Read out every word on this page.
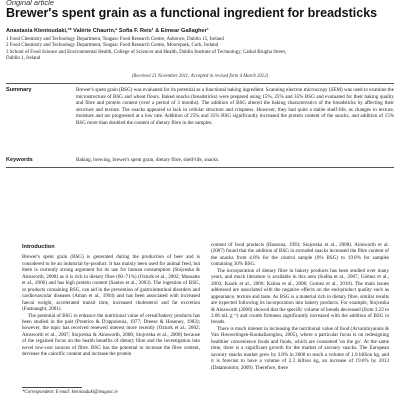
Original article
Brewer's spent grain as a functional ingredient for breadsticks
Anastasia Ktenioudaki,¹* Valérie Chaurin,² Sofia F. Reis¹ & Eimear Gallagher¹
1 Food Chemistry and Technology Department, Teagasc Food Research Centre, Ashtown, Dublin 15, Ireland
2 Food Chemistry and Technology Department, Teagasc Food Research Centre, Moorepark, Cork, Ireland
3 School of Food Science and Environmental Health, College of Sciences and Health, Dublin Institute of Technology, Cathal Brugha Street,
Dublin 1, Ireland
(Received 21 November 2011; Accepted in revised form 4 March 2012)
Summary	Brewer's spent grain (BSG) was evaluated for its potential as a functional baking ingredient. Scanning electron microscopy (SEM) was used to examine the microstructure of BSG and wheat flours. Baked snacks (breadsticks) were prepared using 15%, 25% and 35% BSG and evaluated for their baking quality and fibre and protein content (over a period of 3 months). The addition of BSG altered the baking characteristics of the breadsticks by affecting their structure and texture. The snacks appeared to lack in cellular structure and crispness. However, they had quite a stable shelf-life, as changes in texture, moisture and aw progressed at a low rate. Addition of 25% and 35% BSG significantly increased the protein content of the snacks, and addition of 15% BSG more than doubled the content of dietary fibre in the samples.
Keywords	Baking, brewing, brewer's spent grain, dietary fibre, shelf-life, snacks.
Introduction

Brewer's spent grain (BSG) is generated during the production of beer and is considered to be an industrial by-product. It has mainly been used for animal feed, but there is currently strong argument for its use for human consumption (Stojceska & Ainsworth, 2008) as it is rich in dietary fibre (60–71%) (Ozturk et al., 2002; Mussatto et al., 2006) and has high protein content (Santos et al., 2003). The ingestion of BSG, or products containing BSG, can aid in the prevention of gastrointestinal disorders and cardiovascular diseases (Aman et al., 1994) and has been associated with increased faecal weight, accelerated transit time, increased cholesterol and fat excretion (Fastnaught, 2001).

The potential of BSG to enhance the nutritional value of cereal/bakery products has been studied in the past (Prentice & D'appolonia, 1977; Dreese & Hoseney, 1982); however, the topic has received renewed interest more recently (Ozturk et al., 2002; Ainsworth et al., 2007; Stojceska & Ainsworth, 2008; Stojceska et al., 2008) because of the regained focus on the health benefits of dietary fibre and the investigation into novel low-cost sources of fibre. BSG has the potential to increase the fibre content, decrease the calorific content and increase the protein

content of food products (Hassona, 1993; Stojceska et al., 2008). Ainsworth et al. (2007) found that the addition of BSG in extruded snacks increased the fibre content of the snacks from 4.8% for the control sample (0% BSG) to 19.8% for samples containing 30% BSG.

The incorporation of dietary fibre in bakery products has been studied over many years, and much literature is available in this area (Sudha et al., 2007; Gómez et al., 2003; Kaack et al., 2006; Kalina et al., 2006; Gomez et al., 2010). The main issues addressed are associated with the negative effects on the end-product quality such as appearance, texture and taste. As BSG is a material rich in dietary fibre, similar results are expected following its incorporation into bakery products. For example, Stojceska & Ainsworth (2008) showed that the specific volume of breads decreased (from 3.22 to 2.06 mL g⁻¹) and crumb firmness significantly increased with the addition of BSG in breads.

There is much interest in increasing the nutritional value of food (Arvanitoyannis & Van Houwelingen-Koukaliaroglou, 2005), where a particular focus is on redesigning healthier convenience foods and foods, which are consumed 'on the go'. At the same time, there is a significant growth for the market of savoury snacks. The European savoury snacks market grew by 3.8% in 2008 to reach a volume of 1.9 billion kg, and it is forecast to have a volume of 2.3 billion kg, an increase of 19.6% by 2013 (Datamonitor, 2009). Therefore, there

*Correspondent: E-mail: ktenioudaki@teagasc.ie
